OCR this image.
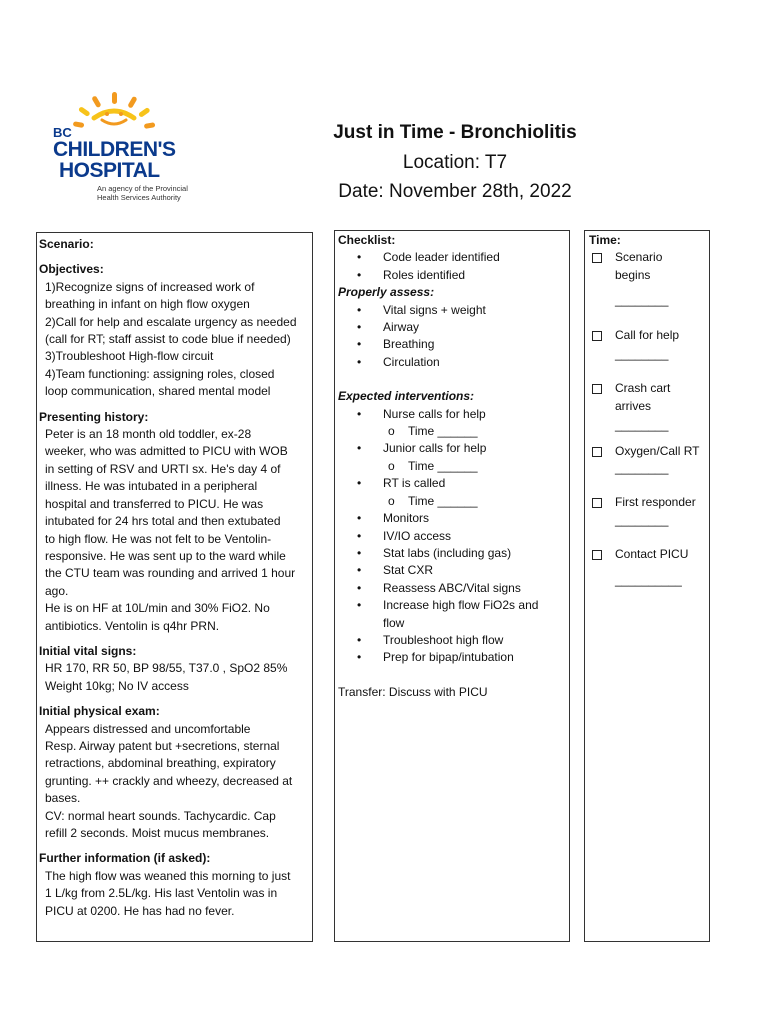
BC
CHILDREN'S
HOSPITAL
An agency of the Provincial
Health Services Authority

Just in Time - Bronchiolitis

Location: T7

Date: November 28th, 2022

Scenario:
Objectives:
1)Recognize signs of increased work of
breathing in infant on high flow oxygen
2)Call for help and escalate urgency as needed
(call for RT; staff assist to code blue if needed)
3)Troubleshoot High-flow circuit
4)Team functioning: assigning roles, closed
loop communication, shared mental model
Presenting history:
Peter is an 18 month old toddler, ex-28
weeker, who was admitted to PICU with WOB
in setting of RSV and URTI sx. He's day 4 of
illness. He was intubated in a peripheral
hospital and transferred to PICU. He was
intubated for 24 hrs total and then extubated
to high flow. He was not felt to be Ventolin-
responsive. He was sent up to the ward while
the CTU team was rounding and arrived 1 hour
ago.
He is on HF at 10L/min and 30% FiO2. No
antibiotics. Ventolin is q4hr PRN.
Initial vital signs:
HR 170, RR 50, BP 98/55, T37.0 , SpO2 85%
Weight 10kg; No IV access
Initial physical exam:
Appears distressed and uncomfortable
Resp. Airway patent but +secretions, sternal
retractions, abdominal breathing, expiratory
grunting. ++ crackly and wheezy, decreased at
bases.
CV: normal heart sounds. Tachycardic. Cap
refill 2 seconds. Moist mucus membranes.
Further information (if asked):
The high flow was weaned this morning to just
1 L/kg from 2.5L/kg. His last Ventolin was in
PICU at 0200. He has had no fever.
Checklist:
• Code leader identified
• Roles identified
Properly assess:
• Vital signs + weight
• Airway
• Breathing
• Circulation
Expected interventions:
• Nurse calls for help
o Time ______
• Junior calls for help
o Time ______
• RT is called
o Time ______
• Monitors
• IV/IO access
• Stat labs (including gas)
• Stat CXR
• Reassess ABC/Vital signs
• Increase high flow FiO2s and
flow
• Troubleshoot high flow
• Prep for bipap/intubation
Transfer: Discuss with PICU
Time:
Scenario
begins
________
Call for help
________
Crash cart
arrives
________
Oxygen/Call RT
________
First responder
________
Contact PICU
__________
